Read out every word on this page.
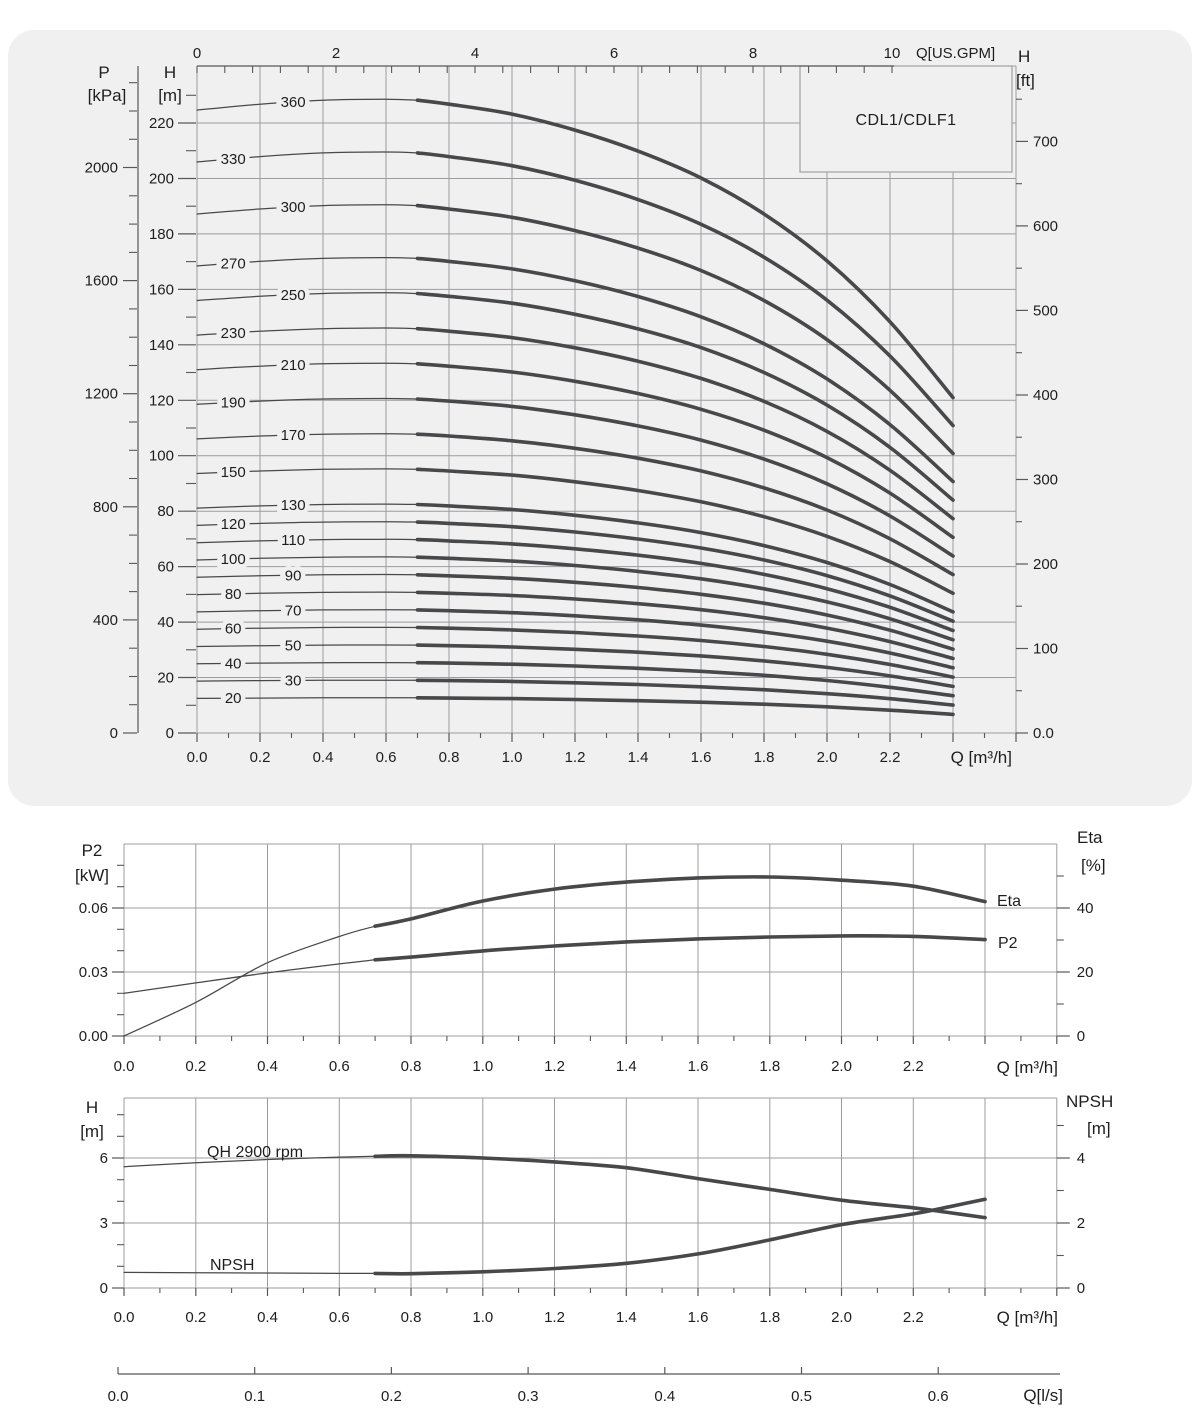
0
400
800
1200
1600
2000
0
20
40
60
80
100
120
140
160
180
200
220
0	2	4	6	8	10
0.0
100
200
300
400
500
600
700
0.0	0.2	0.4	0.6	0.8	1.0	1.2	1.4	1.6	1.8	2.0	2.2
0.00
0.03
0.06
0
20
40
0.0	0.2	0.4	0.6	0.8	1.0	1.2	1.4	1.6	1.8	2.0	2.2
0
3
6
0
2
4
0.0	0.2	0.4	0.6	0.8	1.0	1.2	1.4	1.6	1.8	2.0	2.2
0.0	0.1	0.2	0.3	0.4	0.5	0.6
360
330
300
270
250
230
210
190
170
150
130
120
110
100
90
80
70
60
50
40
30
20
P
[kPa]
H
[m]
Q[US.GPM] H
[ft]
Q [m³/h]
CDL1/CDLF1
P2
[kW]
Eta
[%]
Q [m³/h]
Eta
P2
H
[m]
NPSH
[m]
Q [m³/h]
QH 2900 rpm
NPSH
Q[l/s]
